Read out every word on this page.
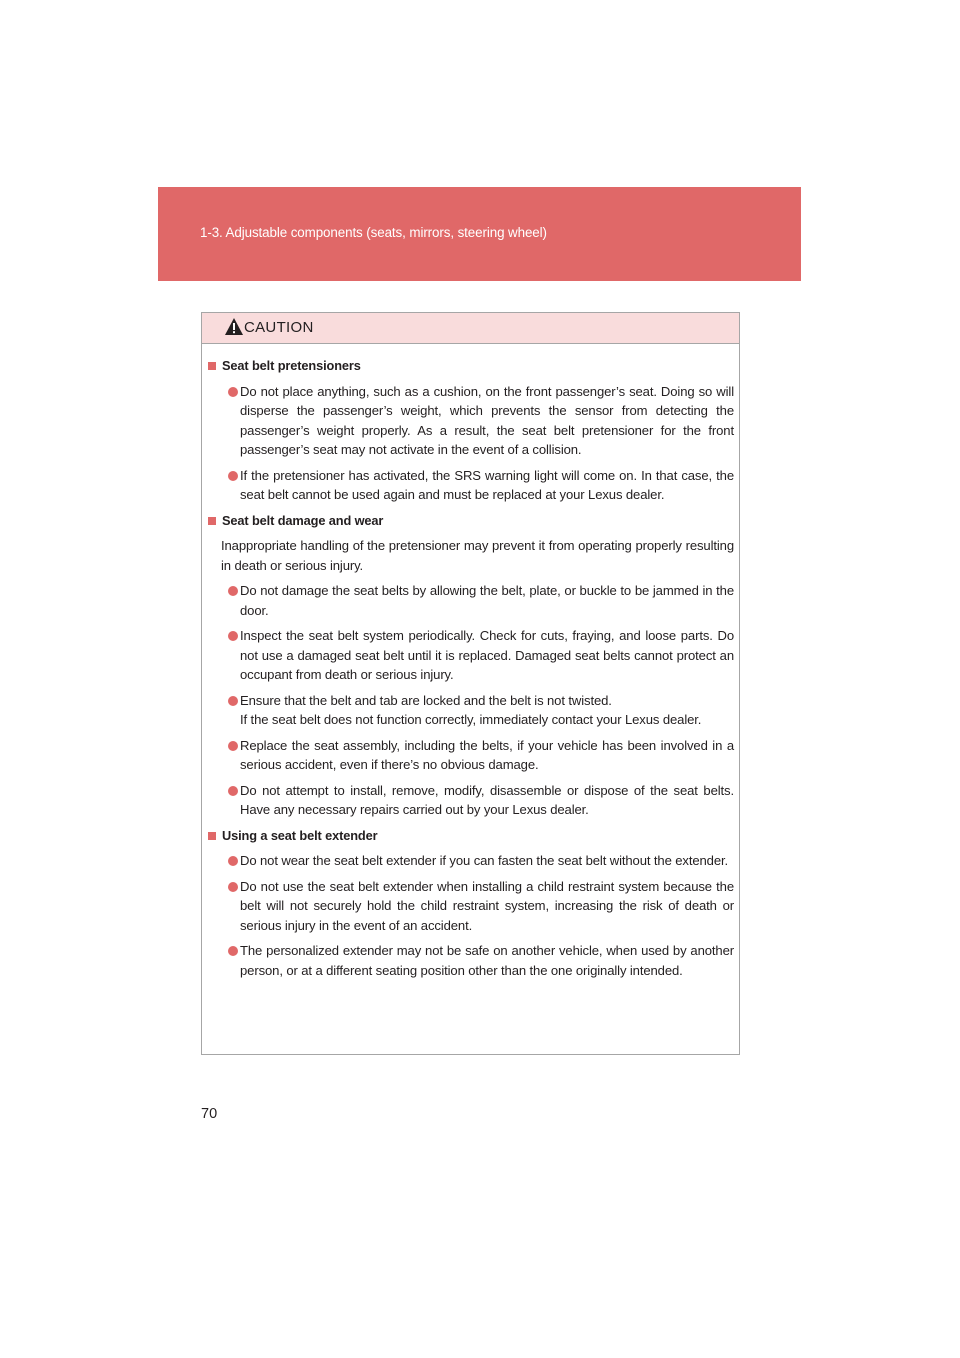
1-3. Adjustable components (seats, mirrors, steering wheel)
CAUTION
Seat belt pretensioners
Do not place anything, such as a cushion, on the front passenger’s seat. Doing so will disperse the passenger’s weight, which prevents the sensor from detecting the passenger’s weight properly. As a result, the seat belt pretensioner for the front passenger’s seat may not activate in the event of a collision.
If the pretensioner has activated, the SRS warning light will come on. In that case, the seat belt cannot be used again and must be replaced at your Lexus dealer.
Seat belt damage and wear
Inappropriate handling of the pretensioner may prevent it from operating properly resulting in death or serious injury.
Do not damage the seat belts by allowing the belt, plate, or buckle to be jammed in the door.
Inspect the seat belt system periodically. Check for cuts, fraying, and loose parts. Do not use a damaged seat belt until it is replaced. Damaged seat belts cannot protect an occupant from death or serious injury.
Ensure that the belt and tab are locked and the belt is not twisted.
If the seat belt does not function correctly, immediately contact your Lexus dealer.
Replace the seat assembly, including the belts, if your vehicle has been involved in a serious accident, even if there’s no obvious damage.
Do not attempt to install, remove, modify, disassemble or dispose of the seat belts. Have any necessary repairs carried out by your Lexus dealer.
Using a seat belt extender
Do not wear the seat belt extender if you can fasten the seat belt without the extender.
Do not use the seat belt extender when installing a child restraint system because the belt will not securely hold the child restraint system, increasing the risk of death or serious injury in the event of an accident.
The personalized extender may not be safe on another vehicle, when used by another person, or at a different seating position other than the one originally intended.
70
